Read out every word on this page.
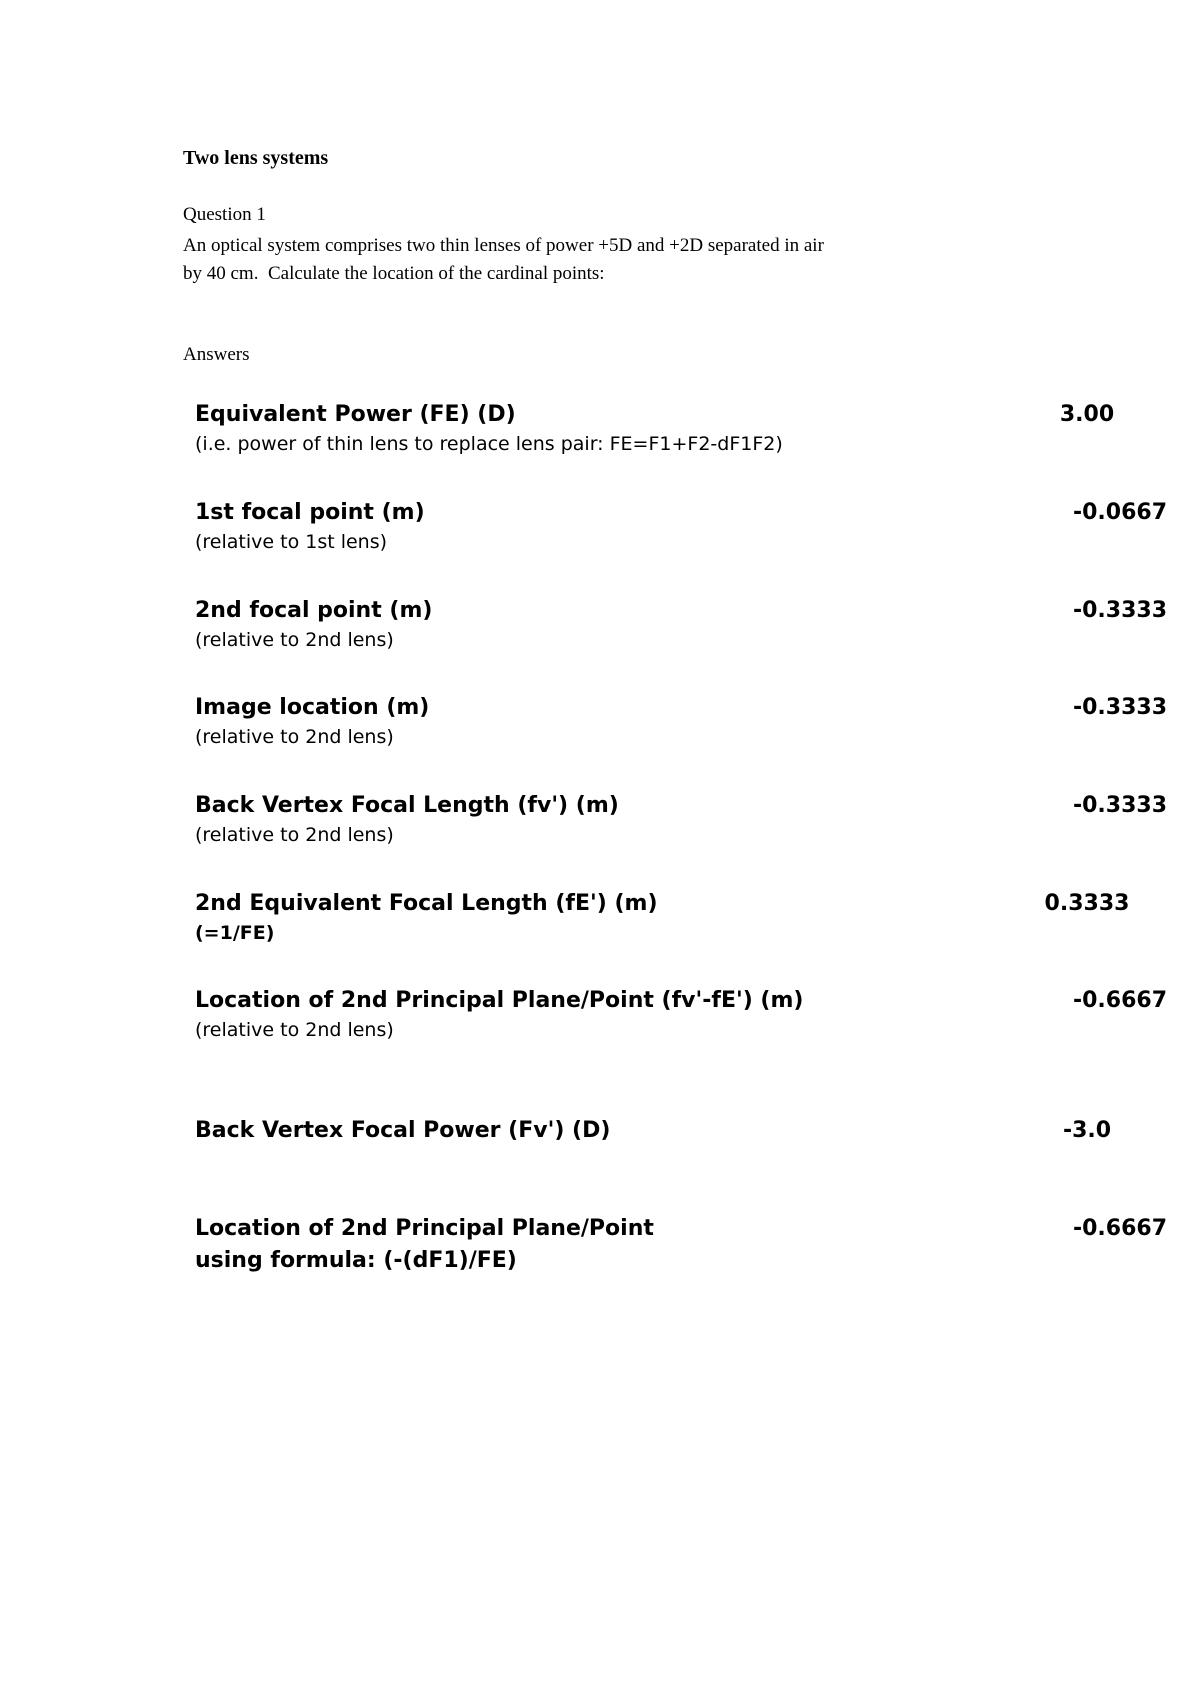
Two lens systems
Question 1
An optical system comprises two thin lenses of power +5D and +2D separated in air
by 40 cm.  Calculate the location of the cardinal points:
Answers
Equivalent Power (FE) (D)
(i.e. power of thin lens to replace lens pair: FE=F1+F2-dF1F2)
3.00
1st focal point (m)
(relative to 1st lens)
-0.0667
2nd focal point (m)
(relative to 2nd lens)
-0.3333
Image location (m)
(relative to 2nd lens)
-0.3333
Back Vertex Focal Length (fv') (m)
(relative to 2nd lens)
-0.3333
2nd Equivalent Focal Length (fE') (m)
(=1/FE)
0.3333
Location of 2nd Principal Plane/Point (fv'-fE') (m)
(relative to 2nd lens)
-0.6667
Back Vertex Focal Power (Fv') (D)	-3.0
Location of 2nd Principal Plane/Point
using formula: (-(dF1)/FE)
-0.6667
